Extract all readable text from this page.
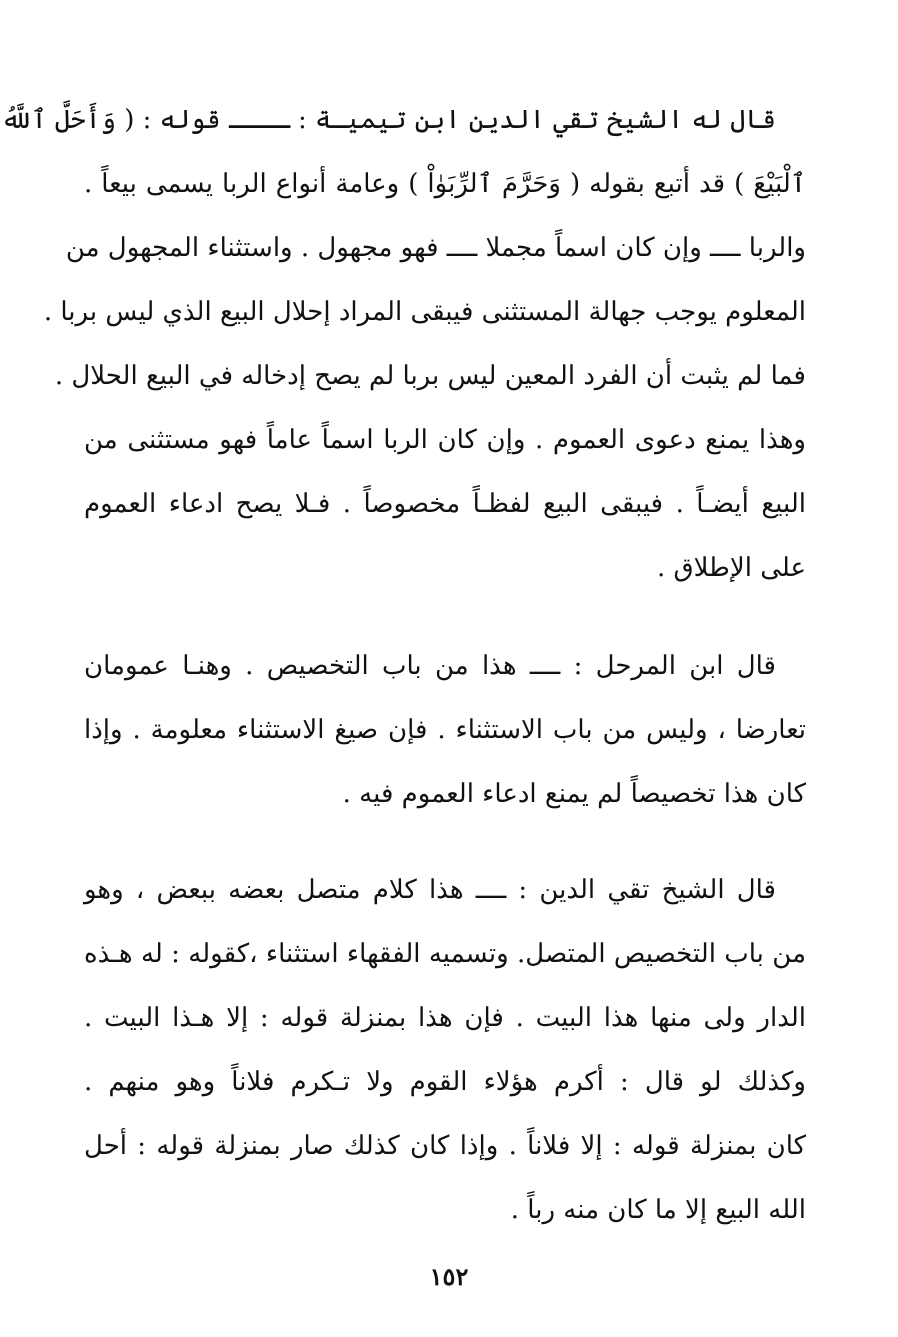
قال له الشيخ تقي الدين ابن تيميـة : ــــ قوله : ( وَأَحَلَّ ٱللَّهُ
ٱلْبَيْعَ ) قد أتبع بقوله ( وَحَرَّمَ ٱلرِّبَوٰاْ ) وعامة أنواع الربا يسمى بيعاً .
والربا ــــ وإن كان اسماً مجملا ــــ فهو مجهول . واستثناء المجهول من
المعلوم يوجب جهالة المستثنى فيبقى المراد إحلال البيع الذي ليس بربا .
فما لم يثبت أن الفرد المعين ليس بربا لم يصح إدخاله في البيع الحلال .
وهذا يمنع دعوى العموم . وإن كان الربا اسماً عاماً فهو مستثنى من
البيع أيضـاً . فيبقى البيع لفظـاً مخصوصاً . فـلا يصح ادعاء العموم
على الإطلاق .
قال ابن المرحل : ــــ هذا من باب التخصيص . وهنـا عمومان
تعارضا ، وليس من باب الاستثناء . فإن صيغ الاستثناء معلومة . وإذا
كان هذا تخصيصاً لم يمنع ادعاء العموم فيه .
قال الشيخ تقي الدين : ــــ هذا كلام متصل بعضه ببعض ، وهو
من باب التخصيص المتصل. وتسميه الفقهاء استثناء ،كقوله : له هـذه
الدار ولى منها هذا البيت . فإن هذا بمنزلة قوله : إلا هـذا البيت .
وكذلك لو قال : أكرم هؤلاء القوم ولا تـكرم فلاناً وهو منهم .
كان بمنزلة قوله : إلا فلاناً . وإذا كان كذلك صار بمنزلة قوله : أحل
الله البيع إلا ما كان منه رباً .
١٥٢
